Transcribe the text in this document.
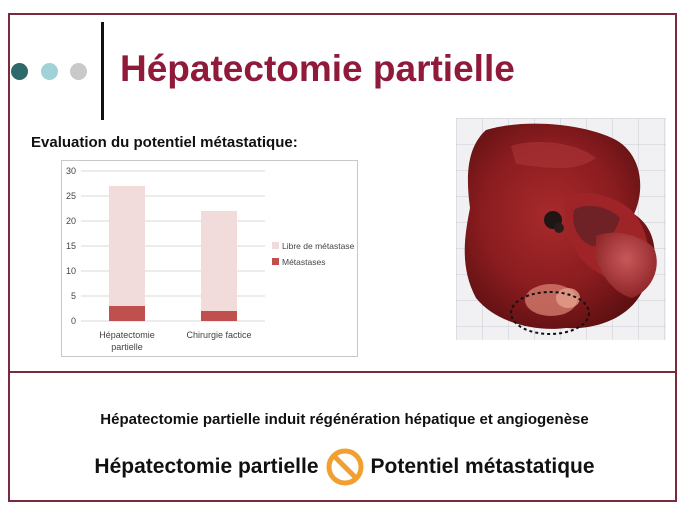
Hépatectomie partielle
Evaluation du potentiel métastatique:
0
5
10
15
20
25
30
Hépatectomie
partielle
Chirurgie factice
Libre de métastase
Métastases
Hépatectomie partielle induit régénération hépatique et angiogenèse
Hépatectomie partielle Potentiel métastatique
